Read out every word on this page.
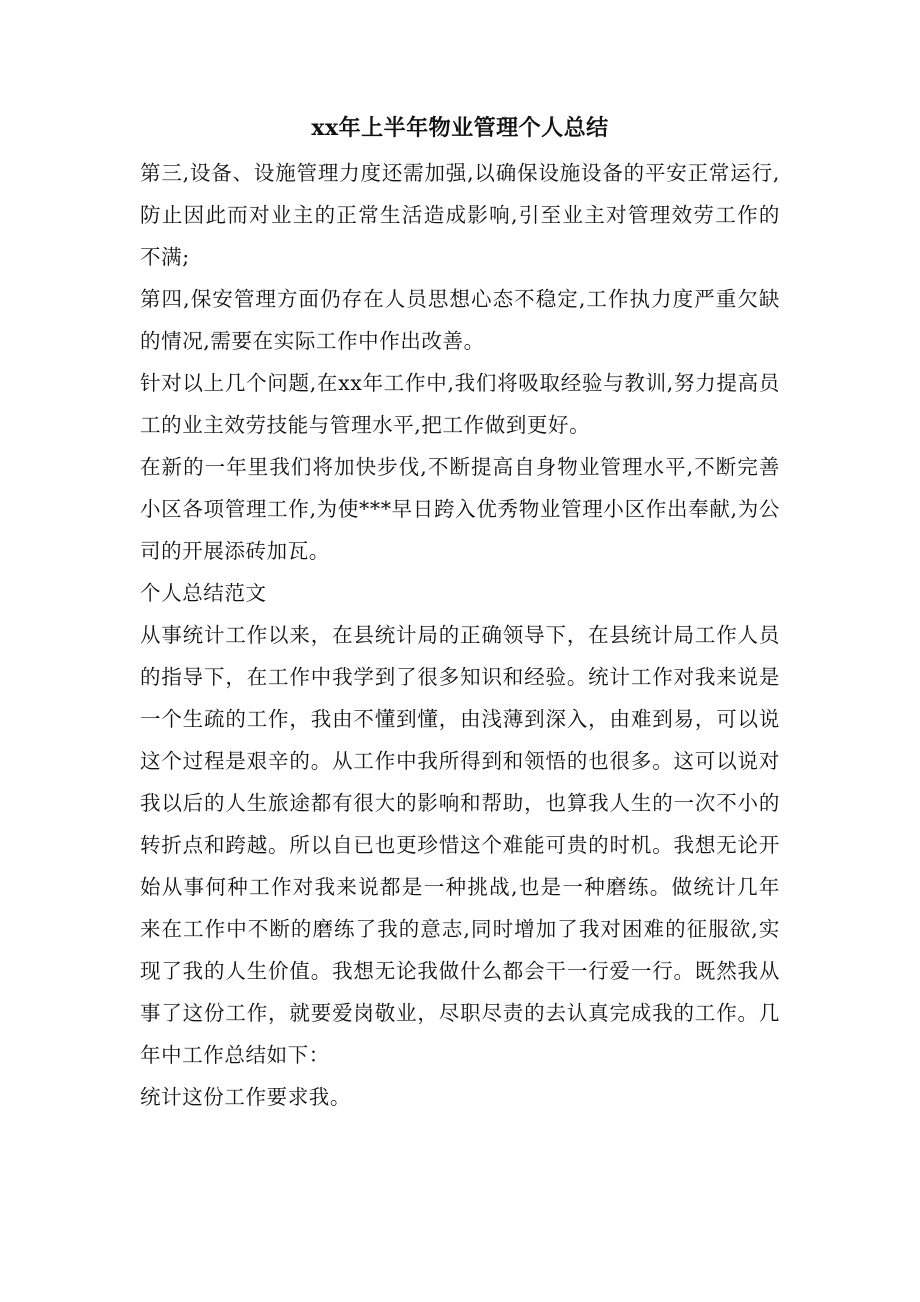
xx年上半年物业管理个人总结

第三,设备、设施管理力度还需加强,以确保设施设备的平安正常运行,防止因此而对业主的正常生活造成影响,引至业主对管理效劳工作的不满;

第四,保安管理方面仍存在人员思想心态不稳定,工作执力度严重欠缺的情况,需要在实际工作中作出改善。

针对以上几个问题,在xx年工作中,我们将吸取经验与教训,努力提高员工的业主效劳技能与管理水平,把工作做到更好。

在新的一年里我们将加快步伐,不断提高自身物业管理水平,不断完善小区各项管理工作,为使***早日跨入优秀物业管理小区作出奉献,为公司的开展添砖加瓦。

个人总结范文

从事统计工作以来，在县统计局的正确领导下，在县统计局工作人员的指导下，在工作中我学到了很多知识和经验。统计工作对我来说是一个生疏的工作，我由不懂到懂，由浅薄到深入，由难到易，可以说这个过程是艰辛的。从工作中我所得到和领悟的也很多。这可以说对我以后的人生旅途都有很大的影响和帮助，也算我人生的一次不小的转折点和跨越。所以自已也更珍惜这个难能可贵的时机。我想无论开始从事何种工作对我来说都是一种挑战,也是一种磨练。做统计几年来在工作中不断的磨练了我的意志,同时增加了我对困难的征服欲,实现了我的人生价值。我想无论我做什么都会干一行爱一行。既然我从事了这份工作，就要爱岗敬业，尽职尽责的去认真完成我的工作。几年中工作总结如下：

统计这份工作要求我。
